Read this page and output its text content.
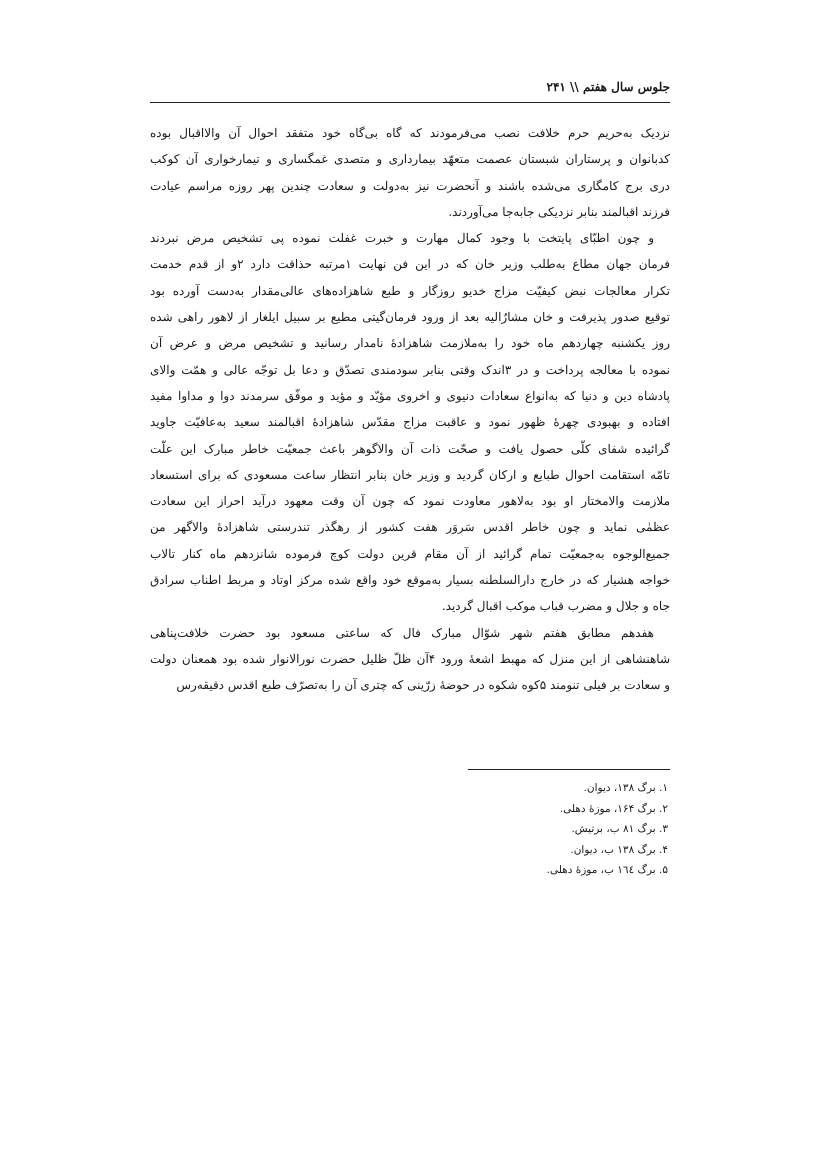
جلوس سال هفتم \\ ۲۴۱
نزدیک به‌حریم حرم خلافت نصب می‌فرمودند که گاه بی‌گاه خود متفقد احوال آن والااقبال بوده
کدبانوان و پرستاران شبستان عصمت متعهّد بیمارداری و متصدی غمگساری و تیمارخواری آن کوکب
دری برج کامگاری می‌شده باشند و آنحضرت نیز به‌دولت و سعادت چندین پهر روزه مراسم عیادت
فرزند اقبالمند بنابر نزدیکی جابه‌جا می‌آوردند.
و چون اطبّای پایتخت با وجود کمال مهارت و خبرت غفلت نموده پی تشخیص مرض نبردند
فرمان جهان مطاع به‌طلب وزیر خان که در این فن نهایت ۱مرتبه حذاقت دارد ۲و از قدم خدمت
تکرار معالجات نبض کیفیّت مزاج خدیو روزگار و طبع شاهزاده‌های عالی‌مقدار به‌دست آورده بود
توقیع صدور پذیرفت و خان مشارٌالیه بعد از ورود فرمان‌گیتی مطیع بر سبیل ایلغار از لاهور راهی شده
روز یکشنبه چهاردهم ماه خود را به‌ملازمت شاهزادهٔ نامدار رسانید و تشخیص مرض و عرض آن
نموده با معالجه پرداخت و در ۳اندک وقتی بنابر سودمندی تصدّق و دعا بل توجّه عالی و همّت والای
پادشاه دین و دنیا که به‌انواع سعادات دنیوی و اخروی مؤیّد و مؤید و موفّق سرمدند دوا و مداوا مفید
افتاده و بهبودی چهرهٔ ظهور نمود و عاقبت مزاج مقدّس شاهزادهٔ اقبالمند سعید به‌عافیّت جاوید
گرائیده شفای کلّی حصول یافت و صحّت ذات آن والاگوهر باعث جمعیّت خاطر مبارک این علّت
تامّه استقامت احوال طبایع و ارکان گردید و وزیر خان بنابر انتظار ساعت مسعودی که برای استسعاد
ملازمت والامختار او بود به‌لاهور معاودت نمود که چون آن وقت معهود درآید احراز این سعادت
عظمٰی نماید و چون خاطر اقدس سَروَر هفت کشور از رهگذر تندرستی شاهزادهٔ والاگهر من
جمیع‌الوجوه به‌جمعیّت تمام گرائید از آن مقام قرین دولت کوچ فرموده شانزدهم ماه کنار تالاب
خواجه هشیار که در خارج دارالسلطنه بسیار به‌موقع خود واقع شده مرکز اوتاد و مربط اطناب سرادق
جاه و جلال و مضرب قباب موکب اقبال گردید.
هفدهم مطابق هفتم شهر شوّال مبارک فال که ساعتی مسعود بود حضرت خلافت‌پناهی
شاهنشاهی از این منزل که مهبط اشعهٔ ورود ۴آن ظلّ ظلیل حضرت نورالانوار شده بود همعنان دولت
و سعادت بر فیلی تنومند ۵کوه شکوه در حوضهٔ زرّینی که چتری آن را به‌تصرّف طبع اقدس دقیقه‌رس
۱. برگ ۱۳۸، دیوان.
۲. برگ ۱۶۴، موزهٔ دهلی.
۳. برگ ۸۱ ب، برتیش.
۴. برگ ۱۳۸ ب، دیوان.
۵. برگ ١٦٤ ب، موزهٔ دهلی.
